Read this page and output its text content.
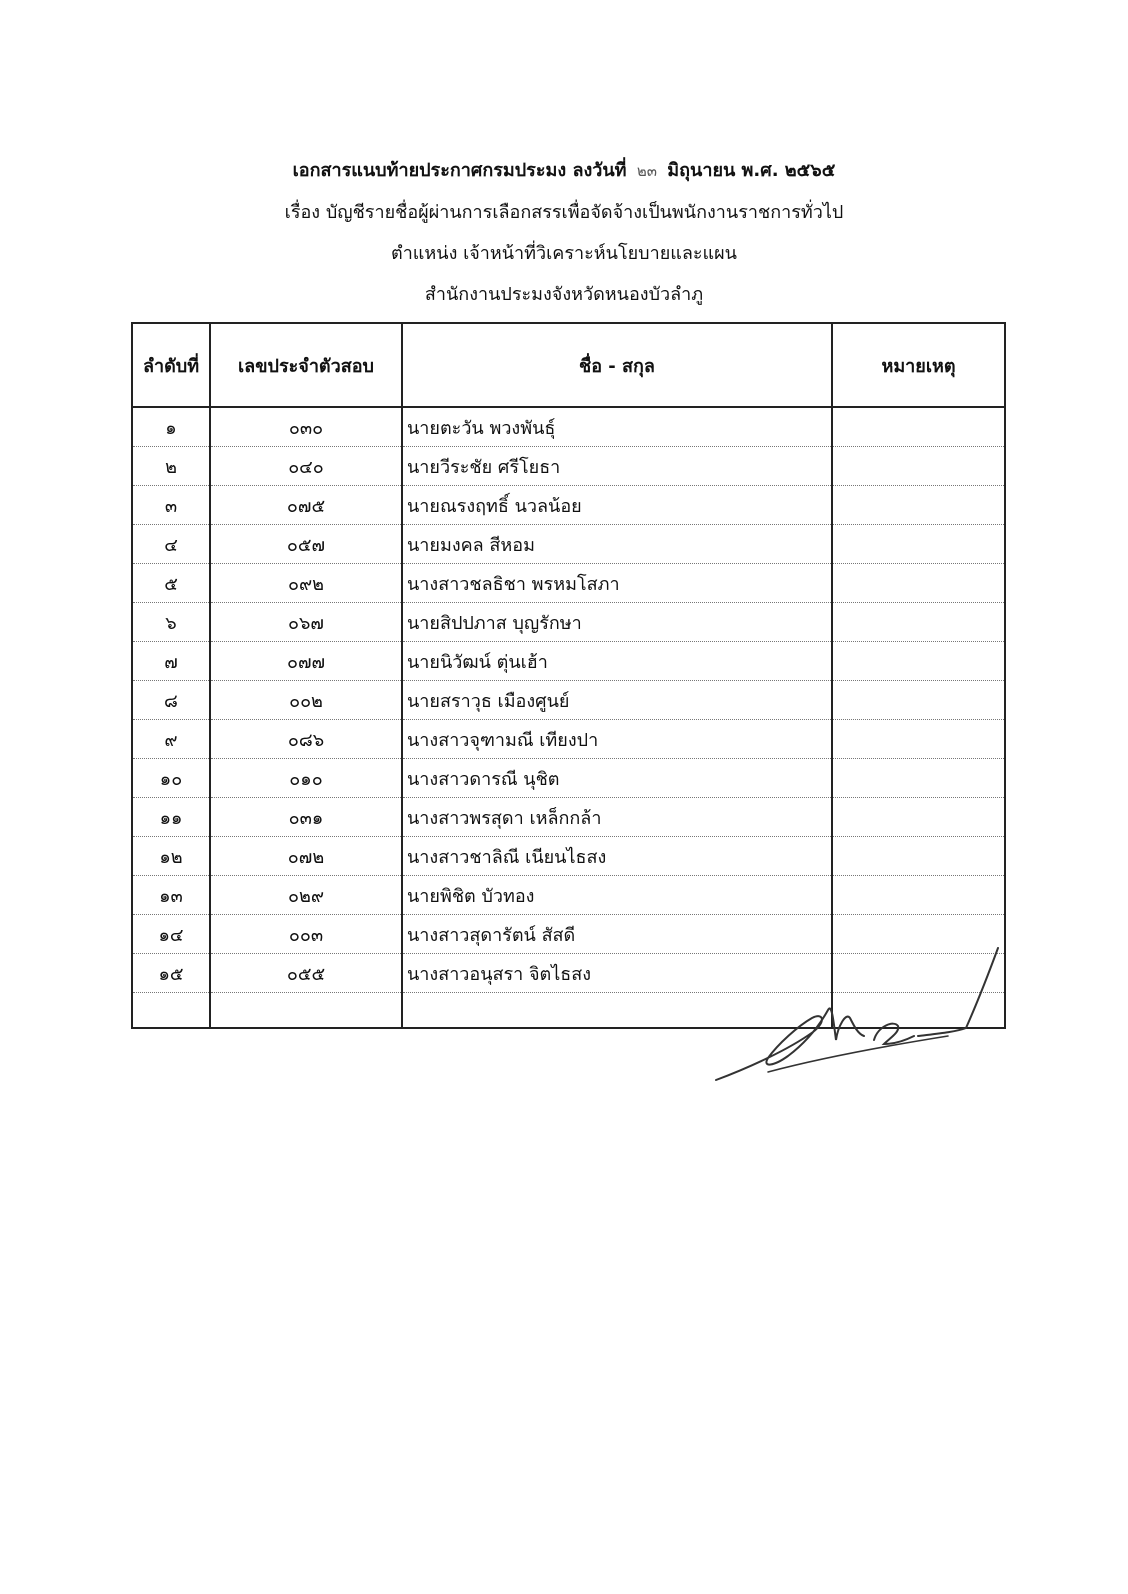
เอกสารแนบท้ายประกาศกรมประมง ลงวันที่ ๒๓ มิถุนายน พ.ศ. ๒๕๖๕
เรื่อง บัญชีรายชื่อผู้ผ่านการเลือกสรรเพื่อจัดจ้างเป็นพนักงานราชการทั่วไป
ตำแหน่ง เจ้าหน้าที่วิเคราะห์นโยบายและแผน
สำนักงานประมงจังหวัดหนองบัวลำภู
ลำดับที่	เลขประจำตัวสอบ	ชื่อ - สกุล	หมายเหตุ
๑	๐๓๐	นายตะวัน พวงพันธุ์	
๒	๐๔๐	นายวีระชัย ศรีโยธา	
๓	๐๗๕	นายณรงฤทธิ์ นวลน้อย	
๔	๐๕๗	นายมงคล สีหอม	
๕	๐๙๒	นางสาวชลธิชา พรหมโสภา	
๖	๐๖๗	นายสิปปภาส บุญรักษา	
๗	๐๗๗	นายนิวัฒน์ ตุ่นเฮ้า	
๘	๐๐๒	นายสราวุธ เมืองศูนย์	
๙	๐๘๖	นางสาวจุฑามณี เทียงปา	
๑๐	๐๑๐	นางสาวดารณี นุชิต	
๑๑	๐๓๑	นางสาวพรสุดา เหล็กกล้า	
๑๒	๐๗๒	นางสาวชาลิณี เนียนไธสง	
๑๓	๐๒๙	นายพิชิต บัวทอง	
๑๔	๐๐๓	นางสาวสุดารัตน์ สัสดี	
๑๕	๐๕๕	นางสาวอนุสรา จิตไธสง	
